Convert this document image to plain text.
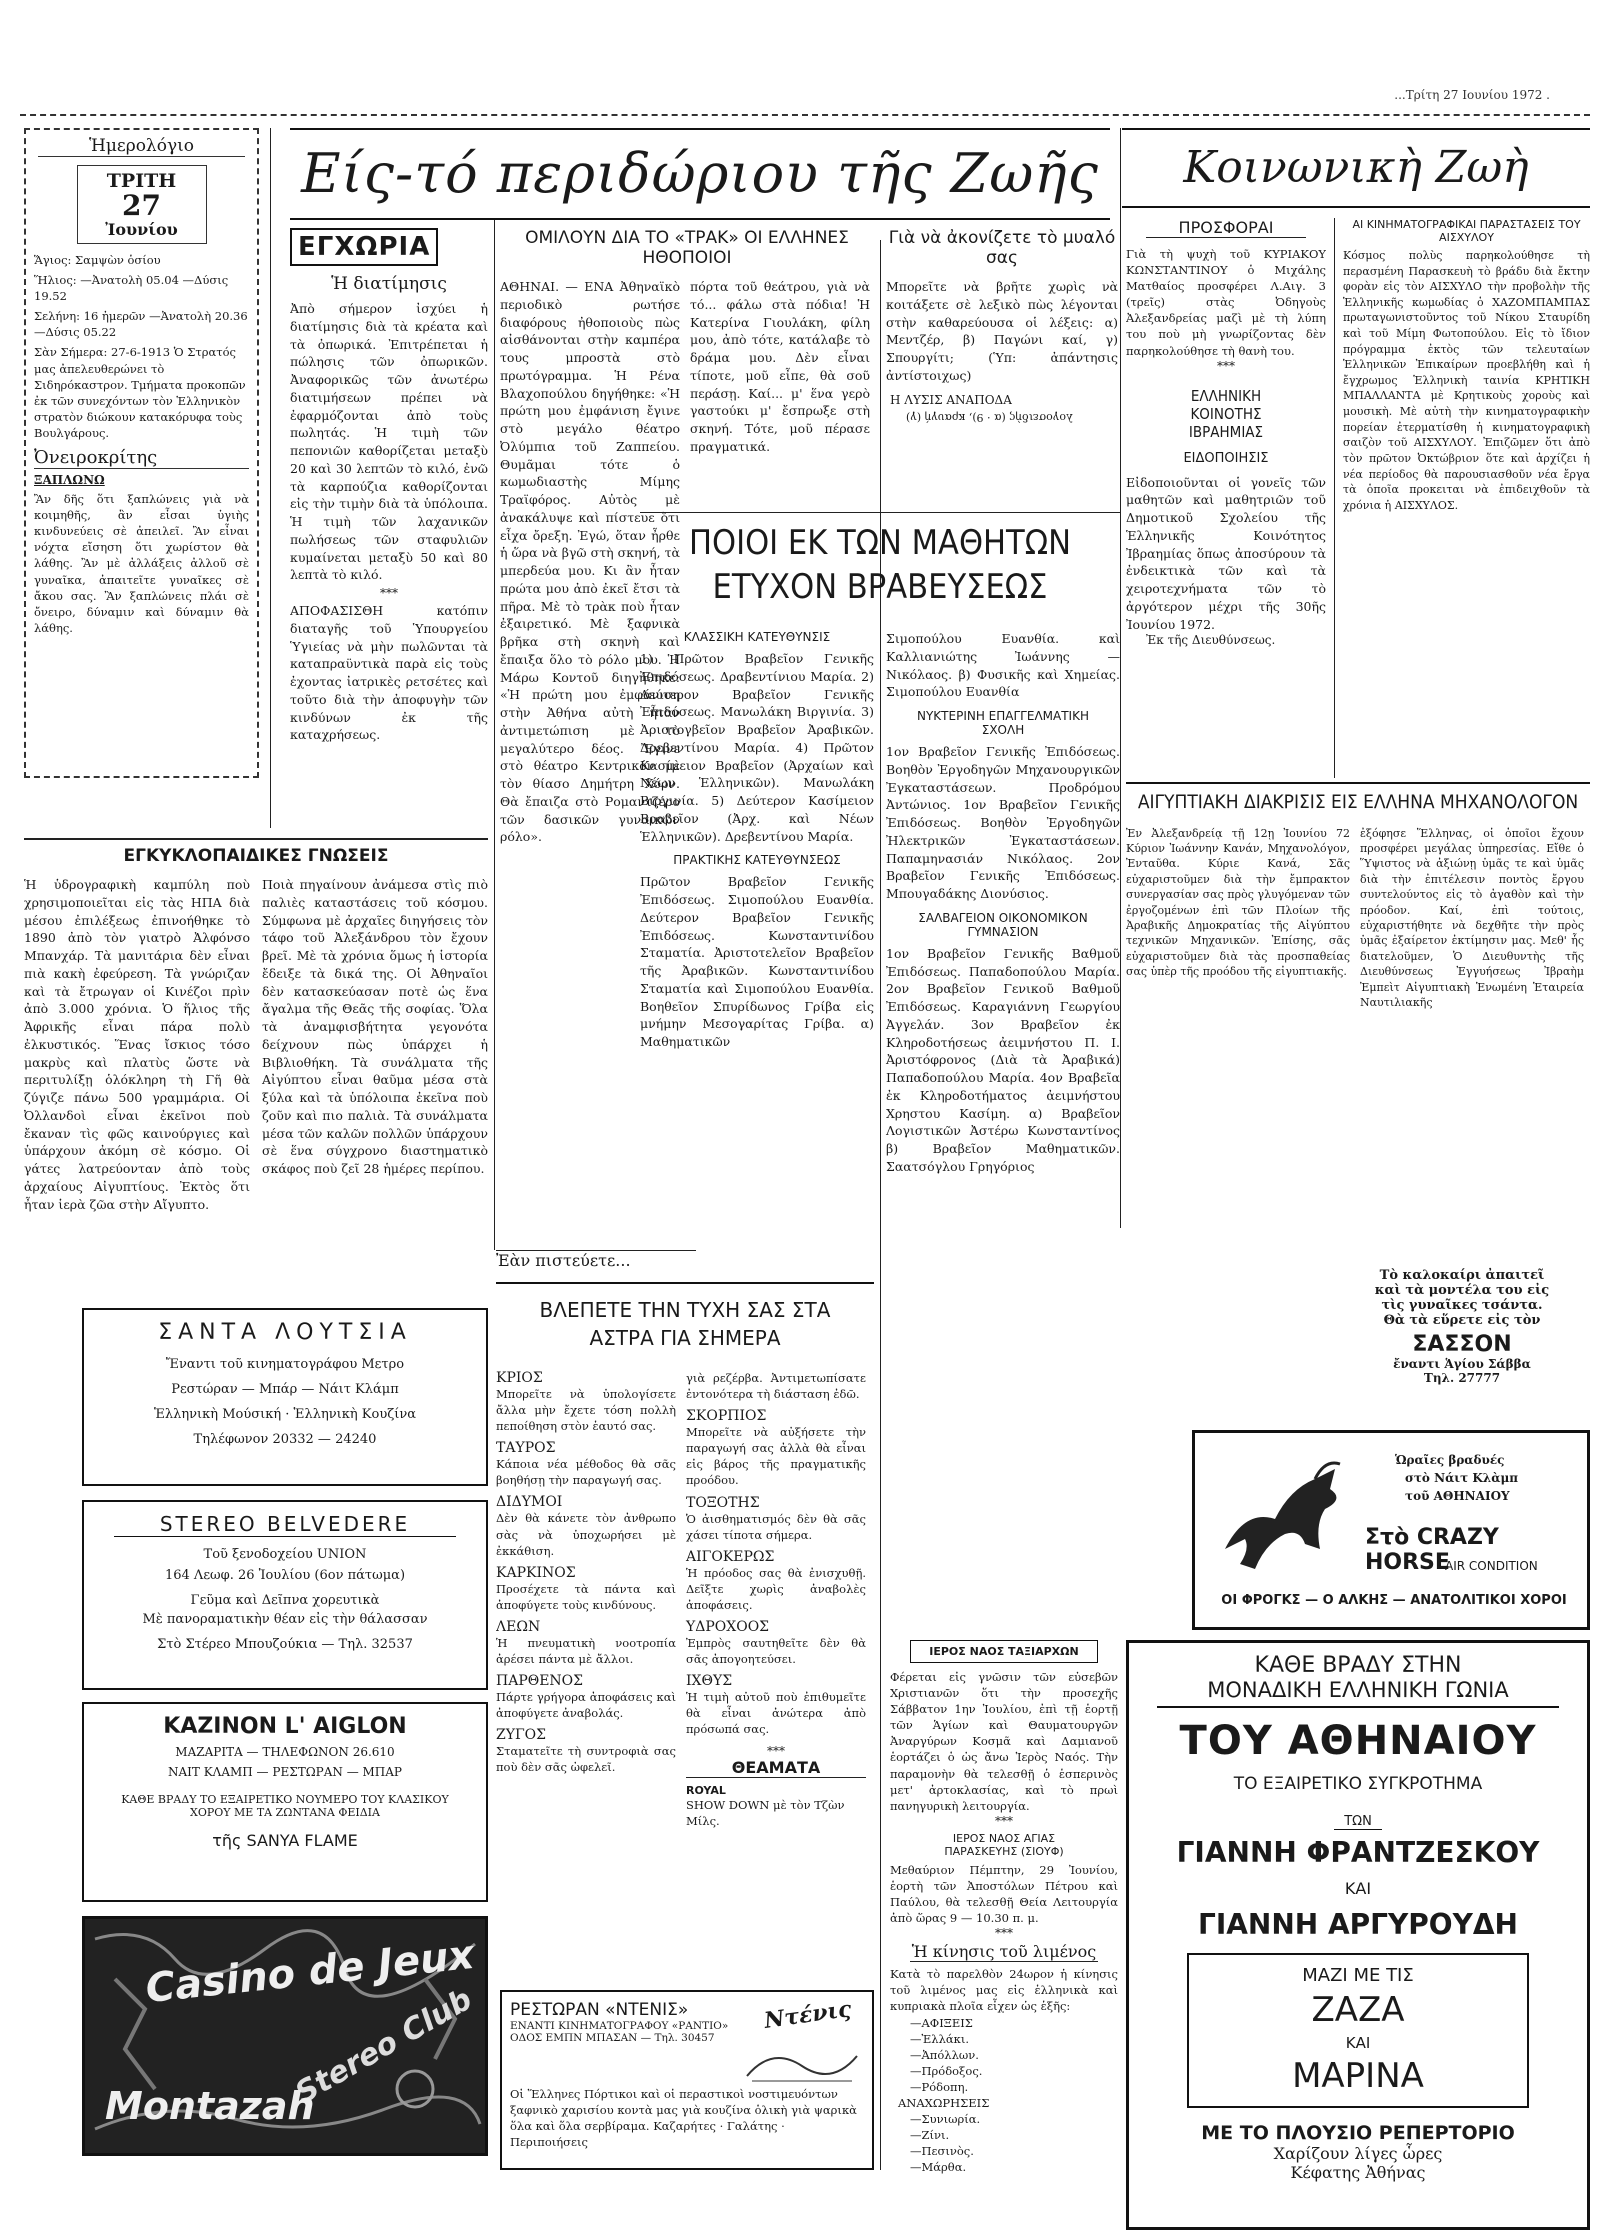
...Τρίτη 27 Ιουνίου 1972 .
Ἡμερολόγιο
ΤΡΙΤΗ
27
Ἰουνίου
Ἅγιος: Σαμψὼν ὁσίου
Ἥλιος: —Ἀνατολὴ 05.04 —Δύσις 19.52
Σελήνη: 16 ἡμερῶν —Ἀνατολὴ 20.36 —Δύσις 05.22
Σὰν Σήμερα: 27-6-1913 Ὁ Στρατός μας ἀπελευθερώνει τὸ Σιδηρόκαστρον. Τμήματα προκοπῶν ἐκ τῶν συνεχόντων τὸν Ἑλληνικὸν στρατὸν διώκουν κατακόρυφα τοὺς Βουλγάρους.
Ὀνειροκρίτης
ΞΑΠΛΩΝΩ
Ἂν δῆς ὅτι ξαπλώνεις γιὰ νὰ κοιμηθῆς, ἂν εἶσαι ὑγιὴς κινδυνεύεις σὲ ἀπειλεῖ. Ἂν εἶναι νόχτα εἴσηση ὅτι χωρίστον θὰ λάθης. Ἂν μὲ ἀλλάξεις ἀλλοῦ σὲ γυναῖκα, ἀπαιτεῖτε γυναῖκες σὲ ἄκου σας. Ἂν ξαπλώνεις πλάι σὲ ὄνειρο, δύναμιν καὶ δύναμιν θὰ λάθης.
ΕΓΧΩΡΙΑ
Ἡ διατίμησις
Ἀπὸ σήμερον ἰσχύει ἡ διατίμησις διὰ τὰ κρέατα καὶ τὰ ὀπωρικά. Ἐπιτρέπεται ἡ πώλησις τῶν ὀπωρικῶν. Ἀναφορικῶς τῶν ἀνωτέρω διατιμήσεων πρέπει νὰ ἐφαρμόζονται ἀπὸ τοὺς πωλητάς. Ἡ τιμὴ τῶν πεπονιῶν καθορίζεται μεταξὺ 20 καὶ 30 λεπτῶν τὸ κιλό, ἐνῶ τὰ καρπούζια καθορίζονται εἰς τὴν τιμὴν διὰ τὰ ὑπόλοιπα. Ἡ τιμὴ τῶν λαχανικῶν πωλήσεως τῶν σταφυλιῶν κυμαίνεται μεταξὺ 50 καὶ 80 λεπτὰ τὸ κιλό.
***
ΑΠΟΦΑΣΙΣΘΗ κατόπιν διαταγῆς τοῦ Ὑπουργείου Ὑγιείας νὰ μὴν πωλῶνται τὰ καταπραϋντικὰ παρὰ εἰς τοὺς ἐχοντας ἰατρικὲς ρετσέτες καὶ τοῦτο διὰ τὴν ἀποφυγὴν τῶν κινδύνων ἐκ τῆς καταχρήσεως.
ΕΓΚΥΚΛΟΠΑΙΔΙΚΕΣ ΓΝΩΣΕΙΣ
Ἡ ὑδρογραφικὴ καμπύλη ποὺ χρησιμοποιεῖται εἰς τὰς ΗΠΑ διὰ μέσου ἐπιλέξεως ἐπινοήθηκε τὸ 1890 ἀπὸ τὸν γιατρὸ Ἀλφόνσο Μπανχάρ. Τὰ μανιτάρια δὲν εἶναι πιὰ κακὴ ἐφεύρεση. Τὰ γνώριζαν καὶ τὰ ἔτρωγαν οἱ Κινέζοι πρὶν ἀπὸ 3.000 χρόνια. Ὁ ἥλιος τῆς Ἀφρικῆς εἶναι πάρα πολὺ ἐλκυστικός. Ἕνας ἴσκιος τόσο μακρὺς καὶ πλατὺς ὥστε νὰ περιτυλίξῃ ὁλόκληρη τὴ Γῆ θὰ ζύγιζε πάνω 500 γραμμάρια. Οἱ Ὀλλανδοὶ εἶναι ἐκεῖνοι ποὺ ἔκαναν τὶς φῶς καινούργιες καὶ ὑπάρχουν ἀκόμη σὲ κόσμο. Οἱ γάτες λατρεύονταν ἀπὸ τοὺς ἀρχαίους Αἰγυπτίους. Ἐκτὸς ὅτι ἦταν ἱερὰ ζῶα στὴν Αἴγυπτο.
Ποιὰ πηγαίνουν ἀνάμεσα στὶς πιὸ παλιὲς καταστάσεις τοῦ κόσμου. Σύμφωνα μὲ ἀρχαῖες διηγήσεις τὸν τάφο τοῦ Ἀλεξάνδρου τὸν ἔχουν βρεῖ. Μὲ τὰ χρόνια ὅμως ἡ ἱστορία ἔδειξε τὰ δικά της. Οἱ Ἀθηναῖοι δὲν κατασκεύασαν ποτὲ ὡς ἕνα ἄγαλμα τῆς Θεᾶς τῆς σοφίας. Ὅλα τὰ ἀναμφισβήτητα γεγονότα δείχνουν πὼς ὑπάρχει ἡ Βιβλιοθήκη. Τὰ συνάλματα τῆς Αἰγύπτου εἶναι θαῦμα μέσα στὰ ξύλα καὶ τὰ ὑπόλοιπα ἐκεῖνα ποὺ ζοῦν καὶ πιο παλιὰ. Τὰ συνάλματα μέσα τῶν καλῶν πολλῶν ὑπάρχουν σὲ ἕνα σύγχρονο διαστηματικὸ σκάφος ποὺ ζεῖ 28 ἡμέρες περίπου.
ΣΑΝΤΑ ΛΟΥΤΣΙΑ
Ἔναντι τοῦ κινηματογράφου Μετρο
Ρεστώραν — Μπάρ — Νάιτ Κλάμπ
Ἑλληνικὴ Μούσική · Ἑλληνικὴ Κουζίνα
Τηλέφωνον 20332 — 24240
STEREO BELVEDERE
Τοῦ ξενοδοχείου UNION
164 Λεωφ. 26 Ἰουλίου (6ον πάτωμα)
Γεῦμα καὶ Δεῖπνα χορευτικὰ
Μὲ πανοραματικὴν θέαν εἰς τὴν θάλασσαν
Στὸ Στέρεο Μπουζούκια — Τηλ. 32537
ΚΑΖΙΝΟΝ L' AIGLON
ΜΑΖΑΡΙΤΑ — ΤΗΛΕΦΩΝΟΝ 26.610
ΝΑΙΤ ΚΛΑΜΠ — ΡΕΣΤΩΡΑΝ — ΜΠΑΡ
ΚΑΘΕ ΒΡΑΔΥ ΤΟ ΕΞΑΙΡΕΤΙΚΟ ΝΟΥΜΕΡΟ ΤΟΥ ΚΛΑΣΙΚΟΥ ΧΟΡΟΥ ΜΕ ΤΑ ΖΩΝΤΑΝΑ ΦΕΙΔΙΑ
τῆς SANYA FLAME
Casino de Jeux
Stereo Club
Montazah
Είς-τό περιδώριου τῆς Ζωῆς
ΟΜΙΛΟΥΝ ΔΙΑ ΤΟ «ΤΡΑΚ» ΟΙ ΕΛΛΗΝΕΣ ΗΘΟΠΟΙΟΙ
ΑΘΗΝΑΙ. — ΕΝΑ Ἀθηναϊκὸ περιοδικὸ ρωτήσε διαφόρους ἠθοποιοὺς πὼς αἰσθάνονται στὴν καμπέρα τους μπροστὰ στὸ πρωτόγραμμα. Ἡ Ρένα Βλαχοπούλου δηγήθηκε: «Ἡ πρώτη μου ἐμφάνιση ἔγινε στὸ μεγάλο θέατρο Ὀλύμπια τοῦ Ζαππείου. Θυμᾶμαι τότε ὁ κωμωδιαστὴς Μίμης Τραϊφόρος. Αὐτὸς μὲ ἀνακάλυψε καὶ πίστευε ὅτι εἶχα ὄρεξη. Ἐγώ, ὅταν ἦρθε ἡ ὥρα νὰ βγῶ στὴ σκηνή, τὰ μπερδεύα μου. Κι ἂν ἦταν πρώτα μου ἀπὸ ἐκεῖ ἔτσι τὰ πῆρα. Μὲ τὸ τρὰκ ποὺ ἦταν ἐξαιρετικό. Μὲ ξαφνικὰ βρῆκα στὴ σκηνὴ καὶ ἔπαιξα ὅλο τὸ ρόλο μου. Ἡ Μάρω Κοντοῦ διηγήθηκε: «Ἡ πρώτη μου ἐμφάνιση στὴν Ἀθήνα αὐτὴ ἦταν ἀντιμετώπιση μὲ τὸ μεγαλύτερο δέος. Ἔγινε στὸ θέατρο Κεντρικόν μὲ τὸν θίασο Δημήτρη Χόρν. Θὰ ἔπαιζα στὸ Ρομαντζέρο τῶν δασικῶν γυναικῶν ρόλο».
πόρτα τοῦ θεάτρου, γιὰ νὰ τό... φάλω στὰ πόδια! Ἡ Κατερίνα Γιουλάκη, φίλη μου, ἀπὸ τότε, κατάλαβε τὸ δράμα μου. Δὲν εἶναι τίποτε, μοῦ εἶπε, θὰ σοῦ περάσῃ. Καί... μ' ἕνα γερὸ γαστούκι μ' ἔσπρωξε στὴ σκηνή. Τότε, μοῦ πέρασε πραγματικά.
Ἐὰν πιστεύετε...
ΒΛΕΠΕΤΕ ΤΗΝ ΤΥΧΗ ΣΑΣ ΣΤΑ ΑΣΤΡΑ ΓΙΑ ΣΗΜΕΡΑ
ΚΡΙΟΣ
Μπορεῖτε νὰ ὑπολογίσετε ἄλλα μὴν ἔχετε τόση πολλὴ πεποίθηση στὸν ἑαυτό σας.
ΤΑΥΡΟΣ
Κάποια νέα μέθοδος θὰ σᾶς βοηθήσῃ τὴν παραγωγή σας.
ΔΙΔΥΜΟΙ
Δὲν θὰ κάνετε τὸν ἀνθρωπο σὰς νὰ ὑποχωρήσει μὲ ἐκκάθιση.
ΚΑΡΚΙΝΟΣ
Προσέχετε τὰ πάντα καὶ ἀποφύγετε τοὺς κινδύνους.
ΛΕΩΝ
Ἡ πνευματικὴ νοοτροπία ἀρέσει πάντα μὲ ἄλλοι.
ΠΑΡΘΕΝΟΣ
Πάρτε γρήγορα ἀποφάσεις καὶ ἀποφύγετε ἀναβολάς.
ΖΥΓΟΣ
Σταματεῖτε τὴ συντροφιὰ σας ποὺ δὲν σᾶς ὠφελεῖ.
γιὰ ρεζέρβα. Ἀντιμετωπίσατε ἐντονότερα τὴ διάσταση ἐδῶ.
ΣΚΟΡΠΙΟΣ
Μπορεῖτε νὰ αὐξήσετε τὴν παραγωγή σας ἀλλὰ θὰ εἶναι εἰς βάρος τῆς πραγματικῆς προόδου.
ΤΟΞΟΤΗΣ
Ὁ ἀισθηματισμός δὲν θὰ σᾶς χάσει τίποτα σήμερα.
ΑΙΓΟΚΕΡΩΣ
Ἡ πρόοδος σας θὰ ἐνισχυθῇ. Δεῖξτε χωρὶς ἀναβολὲς ἀποφάσεις.
ΥΔΡΟΧΟΟΣ
Ἐμπρὸς σαυτηθεῖτε δὲν θὰ σᾶς ἀπογοητεύσει.
ΙΧΘΥΣ
Ἡ τιμὴ αὐτοῦ ποὺ ἐπιθυμεῖτε θὰ εἶναι ἀνώτερα ἀπὸ πρόσωπά σας.
***
ΘΕΑΜΑΤΑ
ROYAL
SHOW DOWN μὲ τὸν Τζὼν Μίλς.
ΡΕΣΤΩΡΑΝ «ΝΤΕΝΙΣ»
ΕΝΑΝΤΙ ΚΙΝΗΜΑΤΟΓΡΑΦΟΥ «ΡΑΝΤΙΟ»
ΟΔΟΣ ΕΜΠΝ ΜΠΑΣΑΝ — Τηλ. 30457
Ντένις
Οἱ Ἕλληνες Πόρτικοι καὶ οἱ περαστικοὶ νοστιμευόντων ξαφνικὸ χαρισίου κοντὰ μας γιὰ κουζίνα ὁλικὴ γιὰ ψαρικὰ ὅλα καὶ ὅλα σερβίραμα. Καζαρήτες · Γαλάτης · Περιποιήσεις
Γιὰ νὰ ἀκονίζετε τὸ μυαλό σας
Μπορεῖτε νὰ βρῆτε χωρὶς νὰ κοιτάξετε σὲ λεξικὸ πὼς λέγονται στὴν καθαρεύουσα οἱ λέξεις: α) Μεντζέρ, β) Παγώνι καί, γ) Σπουργίτι; (Ὑπ: ἀπάντησις ἀντίστοιχως)
Η ΛΥΣΙΣ ΑΝΑΠΟΔΑ
λογοσειδὴς (α · 9), κραυγή (γ)
ΠΟΙΟΙ ΕΚ ΤΩΝ ΜΑΘΗΤΩΝ ΕΤΥΧΟΝ ΒΡΑΒΕΥΣΕΩΣ
ΚΛΑΣΣΙΚΗ ΚΑΤΕΥΘΥΝΣΙΣ
1) Πρῶτον Βραβεῖον Γενικῆς Ἐπιδόσεως. Δραβεντίνιου Μαρία. 2) Δεύτερον Βραβεῖον Γενικῆς Ἐπιδόσεως. Μανωλάκη Βιργινία. 3) Ἀριστογβεῖον Βραβεῖον Ἀραβικῶν. Δρεβεντίνου Μαρία. 4) Πρῶτον Κασίμειον Βραβεῖον (Ἀρχαίων καὶ Νέων Ἑλληνικῶν). Μανωλάκη Βιργινία. 5) Δεύτερον Κασίμειον Βραβεῖον (Ἀρχ. καὶ Νέων Ἑλληνικῶν). Δρεβεντίνου Μαρία.
ΠΡΑΚΤΙΚΗΣ ΚΑΤΕΥΘΥΝΣΕΩΣ
Πρῶτον Βραβεῖον Γενικῆς Ἐπιδόσεως. Σιμοπούλου Ευανθία. Δεύτερον Βραβεῖον Γενικῆς Ἐπιδόσεως. Κωνσταντινίδου Σταματία. Ἀριστοτελεῖον Βραβεῖον τῆς Ἀραβικῶν. Κωνσταντινίδου Σταματία καὶ Σιμοπούλου Ευανθία. Βοηθεῖον Σπυρίδωνος Γρίβα εἰς μνήμην Μεσογαρίτας Γρίβα. α) Μαθηματικῶν
Σιμοπούλου Ευανθία. καὶ Καλλιανιώτης Ἰωάννης — Νικόλαος. β) Φυσικῆς καὶ Χημείας. Σιμοπούλου Ευανθία
ΝΥΚΤΕΡΙΝΗ ΕΠΑΓΓΕΛΜΑΤΙΚΗ ΣΧΟΛΗ
1ον Βραβεῖον Γενικῆς Ἐπιδόσεως. Βοηθὸν Ἐργοδηγῶν Μηχανουργικῶν Ἐγκαταστάσεων. Προδρόμου Ἀντώνιος. 1ον Βραβεῖον Γενικῆς Ἐπιδόσεως. Βοηθὸν Ἐργοδηγῶν Ἠλεκτρικῶν Ἐγκαταστάσεων. Παπαμηνασιάν Νικόλαος. 2ον Βραβεῖον Γενικῆς Ἐπιδόσεως. Μπουγαδάκης Διονύσιος.
ΣΑΛΒΑΓΕΙΟΝ ΟΙΚΟΝΟΜΙΚΟΝ ΓΥΜΝΑΣΙΟΝ
1ον Βραβεῖον Γενικῆς Βαθμοῦ Ἐπιδόσεως. Παπαδοπούλου Μαρία. 2ον Βραβεῖον Γενικοῦ Βαθμοῦ Ἐπιδόσεως. Καραγιάννη Γεωργίου Ἀγγελάν. 3ον Βραβεῖον ἐκ Κληροδοτήσεως ἀειμνήστου Π. Ι. Ἀριστόφρονος (Διὰ τὰ Ἀραβικά) Παπαδοπούλου Μαρία. 4ον Βραβεῖα ἐκ Κληροδοτήματος ἀειμνήστου Χρηστου Κασίμη. α) Βραβεῖον Λογιστικῶν Ἀστέρω Κωνσταντίνος β) Βραβεῖον Μαθηματικῶν. Σαατσόγλου Γρηγόριος
ΙΕΡΟΣ ΝΑΟΣ ΤΑΞΙΑΡΧΩΝ
Φέρεται εἰς γνῶσιν τῶν εὐσεβῶν Χριστιανῶν ὅτι τὴν προσεχῆς Σάββατον 1ην Ἰουλίου, ἐπὶ τῇ ἑορτῇ τῶν Ἁγίων καὶ Θαυματουργῶν Ἀναργύρων Κοσμᾶ καὶ Δαμιανοῦ ἑορτάζει ὁ ὡς ἄνω Ἱερὸς Ναός. Τὴν παραμονὴν θὰ τελεσθῇ ὁ ἑσπερινὸς μετ' ἀρτοκλασίας, καὶ τὸ πρωὶ πανηγυρικὴ λειτουργία.
***
ΙΕΡΟΣ ΝΑΟΣ ΑΓΙΑΣ ΠΑΡΑΣΚΕΥΗΣ (ΣΙΟΥΦ)
Μεθαύριον Πέμπτην, 29 Ἰουνίου, ἑορτὴ τῶν Ἀποστόλων Πέτρου καὶ Παύλου, θὰ τελεσθῇ Θεία Λειτουργία ἀπὸ ὥρας 9 — 10.30 π. μ.
***
Ἡ κίνησις τοῦ λιμένος
Κατὰ τὸ παρελθὸν 24ωρον ἡ κίνησις τοῦ λιμένος μας εἰς ἑλληνικὰ καὶ κυπριακὰ πλοῖα εἶχεν ὡς ἑξῆς:
—ΑΦΙΞΕΙΣ
—Ἐλλάκι.
—Ἀπόλλων.
—Πρόδοξος.
—Ρόδοπη.
ΑΝΑΧΩΡΗΣΕΙΣ
—Συνιωρία.
—Ζίνι.
—Πεσινὸς.
—Μάρθα.
Κοινωνικὴ Ζωὴ
ΠΡΟΣΦΟΡΑΙ
Γιὰ τὴ ψυχὴ τοῦ ΚΥΡΙΑΚΟΥ ΚΩΝΣΤΑΝΤΙΝΟΥ ὁ Μιχάλης Ματθαίος προσφέρει Λ.Αιγ. 3 (τρεῖς) στὰς Ὀδηγοὺς Ἀλεξανδρείας μαζὶ μὲ τὴ λύπη του ποὺ μὴ γνωρίζοντας δὲν παρηκολούθησε τὴ θανὴ του.
***
ΕΛΛΗΝΙΚΗ ΚΟΙΝΟΤΗΣ ΙΒΡΑΗΜΙΑΣ
ΕΙΔΟΠΟΙΗΣΙΣ
Εἰδοποιοῦνται οἱ γονεῖς τῶν μαθητῶν καὶ μαθητριῶν τοῦ Δημοτικοῦ Σχολείου τῆς Ἑλληνικῆς Κοινότητος Ἰβραημίας ὅπως ἀποσύρουν τὰ ἐνδεικτικὰ τῶν καὶ τὰ χειροτεχνήματα τῶν τὸ ἀργότερον μέχρι τῆς 30ῆς Ἰουνίου 1972.
Ἐκ τῆς Διευθύνσεως.
ΑΙ ΚΙΝΗΜΑΤΟΓΡΑΦΙΚΑΙ ΠΑΡΑΣΤΑΣΕΙΣ ΤΟΥ ΑΙΣΧΥΛΟΥ
Κόσμος πολὺς παρηκολούθησε τὴ περασμένη Παρασκευὴ τὸ βράδυ διὰ ἔκτην φορὰν εἰς τὸν ΑΙΣΧΥΛΟ τὴν προβολὴν τῆς Ἑλληνικῆς κωμωδίας ὁ ΧΑΖΟΜΠΑΜΠΑΣ πρωταγωνιστοῦντος τοῦ Νίκου Σταυρίδη καὶ τοῦ Μίμη Φωτοπούλου. Εἰς τὸ ἴδιον πρόγραμμα ἐκτὸς τῶν τελευταίων Ἑλληνικῶν Ἐπικαίρων προεβλήθη καὶ ἡ ἔγχρωμος Ἑλληνικὴ ταινία ΚΡΗΤΙΚΗ ΜΠΑΛΛΑΝΤΑ μὲ Κρητικοὺς χοροὺς καὶ μουσικὴ. Μὲ αὐτὴ τὴν κινηματογραφικὴν πορείαν ἐτερματίσθη ἡ κινηματογραφικὴ σαιζὸν τοῦ ΑΙΣΧΥΛΟΥ. Ἐπιζῶμεν ὅτι ἀπὸ τὸν πρῶτον Ὀκτώβριον ὅτε καὶ ἀρχίζει ἡ νέα περίοδος θὰ παρουσιασθοῦν νέα ἔργα τὰ ὁποῖα προκειται νὰ ἐπιδειχθοῦν τὰ χρόνια ἡ ΑΙΣΧΥΛΟΣ.
ΑΙΓΥΠΤΙΑΚΗ ΔΙΑΚΡΙΣΙΣ ΕΙΣ ΕΛΛΗΝΑ ΜΗΧΑΝΟΛΟΓΟΝ
Ἐν Ἀλεξανδρείᾳ τῇ 12ῃ Ἰουνίου 72 Κύριον Ἰωάννην Κανάν, Μηχανολόγον, Ἐνταῦθα. Κύριε Κανά, Σᾶς εὐχαριστοῦμεν διὰ τὴν ἔμπρακτον συνεργασίαν σας πρὸς γλυγόμεναν τῶν ἐργοζομένων ἐπὶ τῶν Πλοίων τῆς Ἀραβικῆς Δημοκρατίας τῆς Αἰγύπτου τεχνικῶν Μηχανικῶν. Ἐπίσης, σᾶς εὐχαριστοῦμεν διὰ τὰς προσπαθείας σας ὑπὲρ τῆς προόδου τῆς εἰγυπτιακῆς.
ἐξόφησε Ἕλληνας, οἱ ὁποῖοι ἔχουν προσφέρει μεγάλας ὑπηρεσίας. Εἴθε ὁ Ὕψιστος νὰ ἀξιώνῃ ὑμᾶς τε καὶ ὑμᾶς διὰ τὴν ἐπιτέλεσιν ποντὸς ἔργου συντελούντος εἰς τὸ ἀγαθὸν καὶ τὴν πρόοδον. Καί, ἐπὶ τούτοις, εὐχαριστήθητε νὰ δεχθῆτε τὴν πρὸς ὑμᾶς ἐξαίρετον ἐκτίμησιν μας. Μεθ' ἧς διατελοῦμεν, Ὁ Διευθυντὴς τῆς Διευθύνσεως Ἐγγυήσεως Ἰβραὴμ Ἐμπεὶτ Αἰγυπτιακὴ Ἑνωμένη Ἑταιρεία Ναυτιλιακῆς
Τὸ καλοκαίρι ἀπαιτεῖ
καὶ τὰ μοντέλα του εἰς
τὶς γυναῖκες τσάντα.
Θὰ τὰ εὕρετε εἰς τὸν
ΣΑΣΣΟΝ
ἔναντι Ἁγίου Σάββα
Τηλ. 27777
Ὡραῖες βραδυές
στὸ Νάιτ Κλὰμπ
τοῦ ΑΘΗΝΑΙΟΥ
Στὸ CRAZY HORSE
AIR CONDITION
ΟΙ ΦΡΟΓΚΣ — Ο ΑΛΚΗΣ — ΑΝΑΤΟΛΙΤΙΚΟΙ ΧΟΡΟΙ
ΚΑΘΕ ΒΡΑΔΥ ΣΤΗΝ
ΜΟΝΑΔΙΚΗ ΕΛΛΗΝΙΚΗ ΓΩΝΙΑ
ΤΟΥ ΑΘΗΝΑΙΟΥ
ΤΟ ΕΞΑΙΡΕΤΙΚΟ ΣΥΓΚΡΟΤΗΜΑ
ΤΩΝ
ΓΙΑΝΝΗ ΦΡΑΝΤΖΕΣΚΟΥ
ΚΑΙ
ΓΙΑΝΝΗ ΑΡΓΥΡΟΥΔΗ
ΜΑΖΙ ΜΕ ΤΙΣ
ΖΑΖΑ
ΚΑΙ
ΜΑΡΙΝΑ
ΜΕ ΤΟ ΠΛΟΥΣΙΟ ΡΕΠΕΡΤΟΡΙΟ
Χαρίζουν λίγες ὧρες
Κέφατης Ἀθήνας
